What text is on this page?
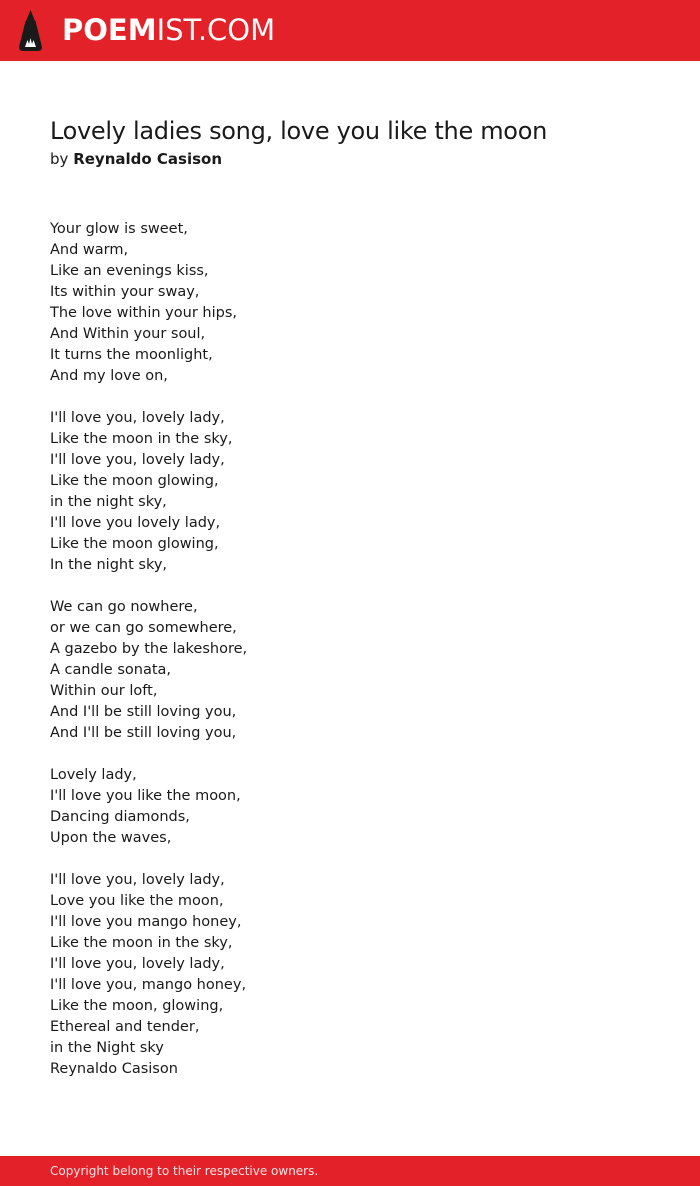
POEMIST.COM
Lovely ladies song, love you like the moon
by Reynaldo Casison
Your glow is sweet,
And warm,
Like an evenings kiss,
Its within your sway,
The love within your hips,
And Within your soul,
It turns the moonlight,
And my love on,
I'll love you, lovely lady,
Like the moon in the sky,
I'll love you, lovely lady,
Like the moon glowing,
in the night sky,
I'll love you lovely lady,
Like the moon glowing,
In the night sky,
We can go nowhere,
or we can go somewhere,
A gazebo by the lakeshore,
A candle sonata,
Within our loft,
And I'll be still loving you,
And I'll be still loving you,
Lovely lady,
I'll love you like the moon,
Dancing diamonds,
Upon the waves,
I'll love you, lovely lady,
Love you like the moon,
I'll love you mango honey,
Like the moon in the sky,
I'll love you, lovely lady,
I'll love you, mango honey,
Like the moon, glowing,
Ethereal and tender,
in the Night sky
Reynaldo Casison
Copyright belong to their respective owners.
